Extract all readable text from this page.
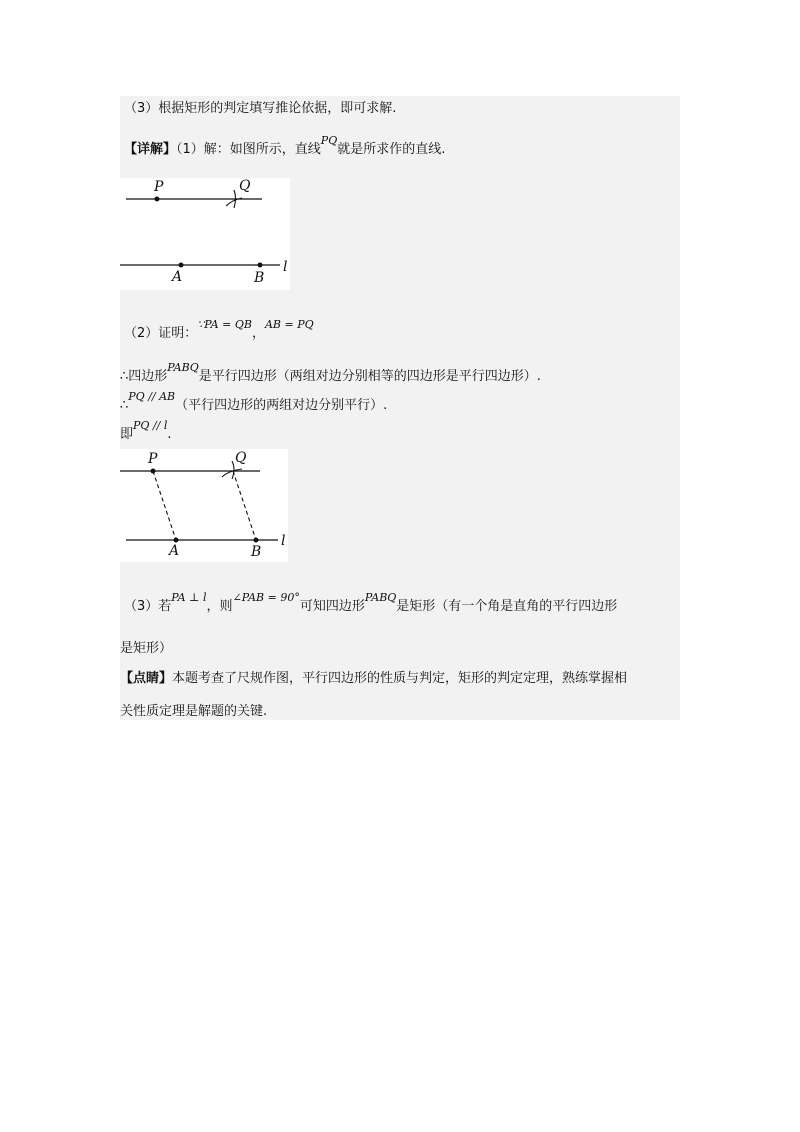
（3）根据矩形的判定填写推论依据，即可求解.
【详解】（1）解：如图所示，直线$^{PQ}$就是所求作的直线.
P	Q
A	B
l
（2）证明：$^{\because PA = QB}$，$^{AB = PQ}$
∴四边形$^{PABQ}$是平行四边形（两组对边分别相等的四边形是平行四边形）.
∴$^{PQ // AB}$（平行四边形的两组对边分别平行）.
即$^{PQ // l}$.
P	Q
A	B
l
（3）若$^{PA \perp l}$，则$^{\angle PAB = 90^\circ}$可知四边形$^{PABQ}$是矩形（有一个角是直角的平行四边形
是矩形）
【点睛】本题考查了尺规作图，平行四边形的性质与判定，矩形的判定定理，熟练掌握相
关性质定理是解题的关键.
